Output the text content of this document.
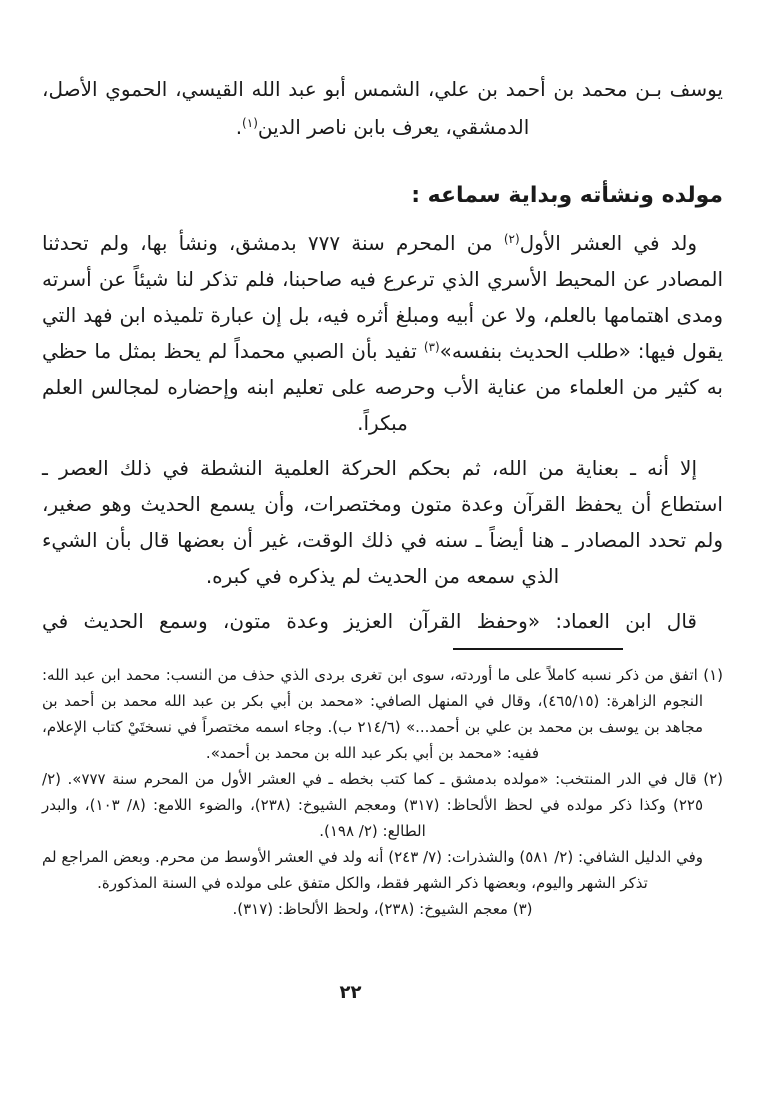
يوسف بـن محمد بن أحمد بن علي، الشمس أبو عبد الله القيسي، الحموي الأصل، الدمشقي، يعرف بابن ناصر الدين$^{(١)}$.

مولده ونشأته وبداية سماعه :

ولد في العشر الأول$^{(٢)}$ من المحرم سنة ٧٧٧ بدمشق، ونشأ بها، ولم تحدثنا المصادر عن المحيط الأسري الذي ترعرع فيه صاحبنا، فلم تذكر لنا شيئاً عن أسرته ومدى اهتمامها بالعلم، ولا عن أبيه ومبلغ أثره فيه، بل إن عبارة تلميذه ابن فهد التي يقول فيها: «طلب الحديث بنفسه»$^{(٣)}$ تفيد بأن الصبي محمداً لم يحظ بمثل ما حظي به كثير من العلماء من عناية الأب وحرصه على تعليم ابنه وإحضاره لمجالس العلم مبكراً.

إلا أنه ـ بعناية من الله، ثم بحكم الحركة العلمية النشطة في ذلك العصر ـ استطاع أن يحفظ القرآن وعدة متون ومختصرات، وأن يسمع الحديث وهو صغير، ولم تحدد المصادر ـ هنا أيضاً ـ سنه في ذلك الوقت، غير أن بعضها قال بأن الشيء الذي سمعه من الحديث لم يذكره في كبره.

قال ابن العماد: «وحفظ القرآن العزيز وعدة متون، وسمع الحديث في

(١) اتفق من ذكر نسبه كاملاً على ما أوردته، سوى ابن تغرى بردى الذي حذف من النسب: محمد ابن عبد الله: النجوم الزاهرة: (٤٦٥/١٥)، وقال في المنهل الصافي: «محمد بن أبي بكر بن عبد الله محمد بن أحمد بن مجاهد بن يوسف بن محمد بن علي بن أحمد...» (٢١٤/٦ ب). وجاء اسمه مختصراً في نسختَيْ كتاب الإعلام، ففيه: «محمد بن أبي بكر عبد الله بن محمد بن أحمد».

(٢) قال في الدر المنتخب: «مولده بدمشق ـ كما كتب بخطه ـ في العشر الأول من المحرم سنة ٧٧٧». (٢/ ٢٢٥) وكذا ذكر مولده في لحظ الألحاظ: (٣١٧) ومعجم الشيوخ: (٢٣٨)، والضوء اللامع: (٨/ ١٠٣)، والبدر الطالع: (٢/ ١٩٨).

وفي الدليل الشافي: (٢/ ٥٨١) والشذرات: (٧/ ٢٤٣) أنه ولد في العشر الأوسط من محرم. وبعض المراجع لم تذكر الشهر واليوم، وبعضها ذكر الشهر فقط، والكل متفق على مولده في السنة المذكورة.

(٣) معجم الشيوخ: (٢٣٨)، ولحظ الألحاظ: (٣١٧).

٢٢
